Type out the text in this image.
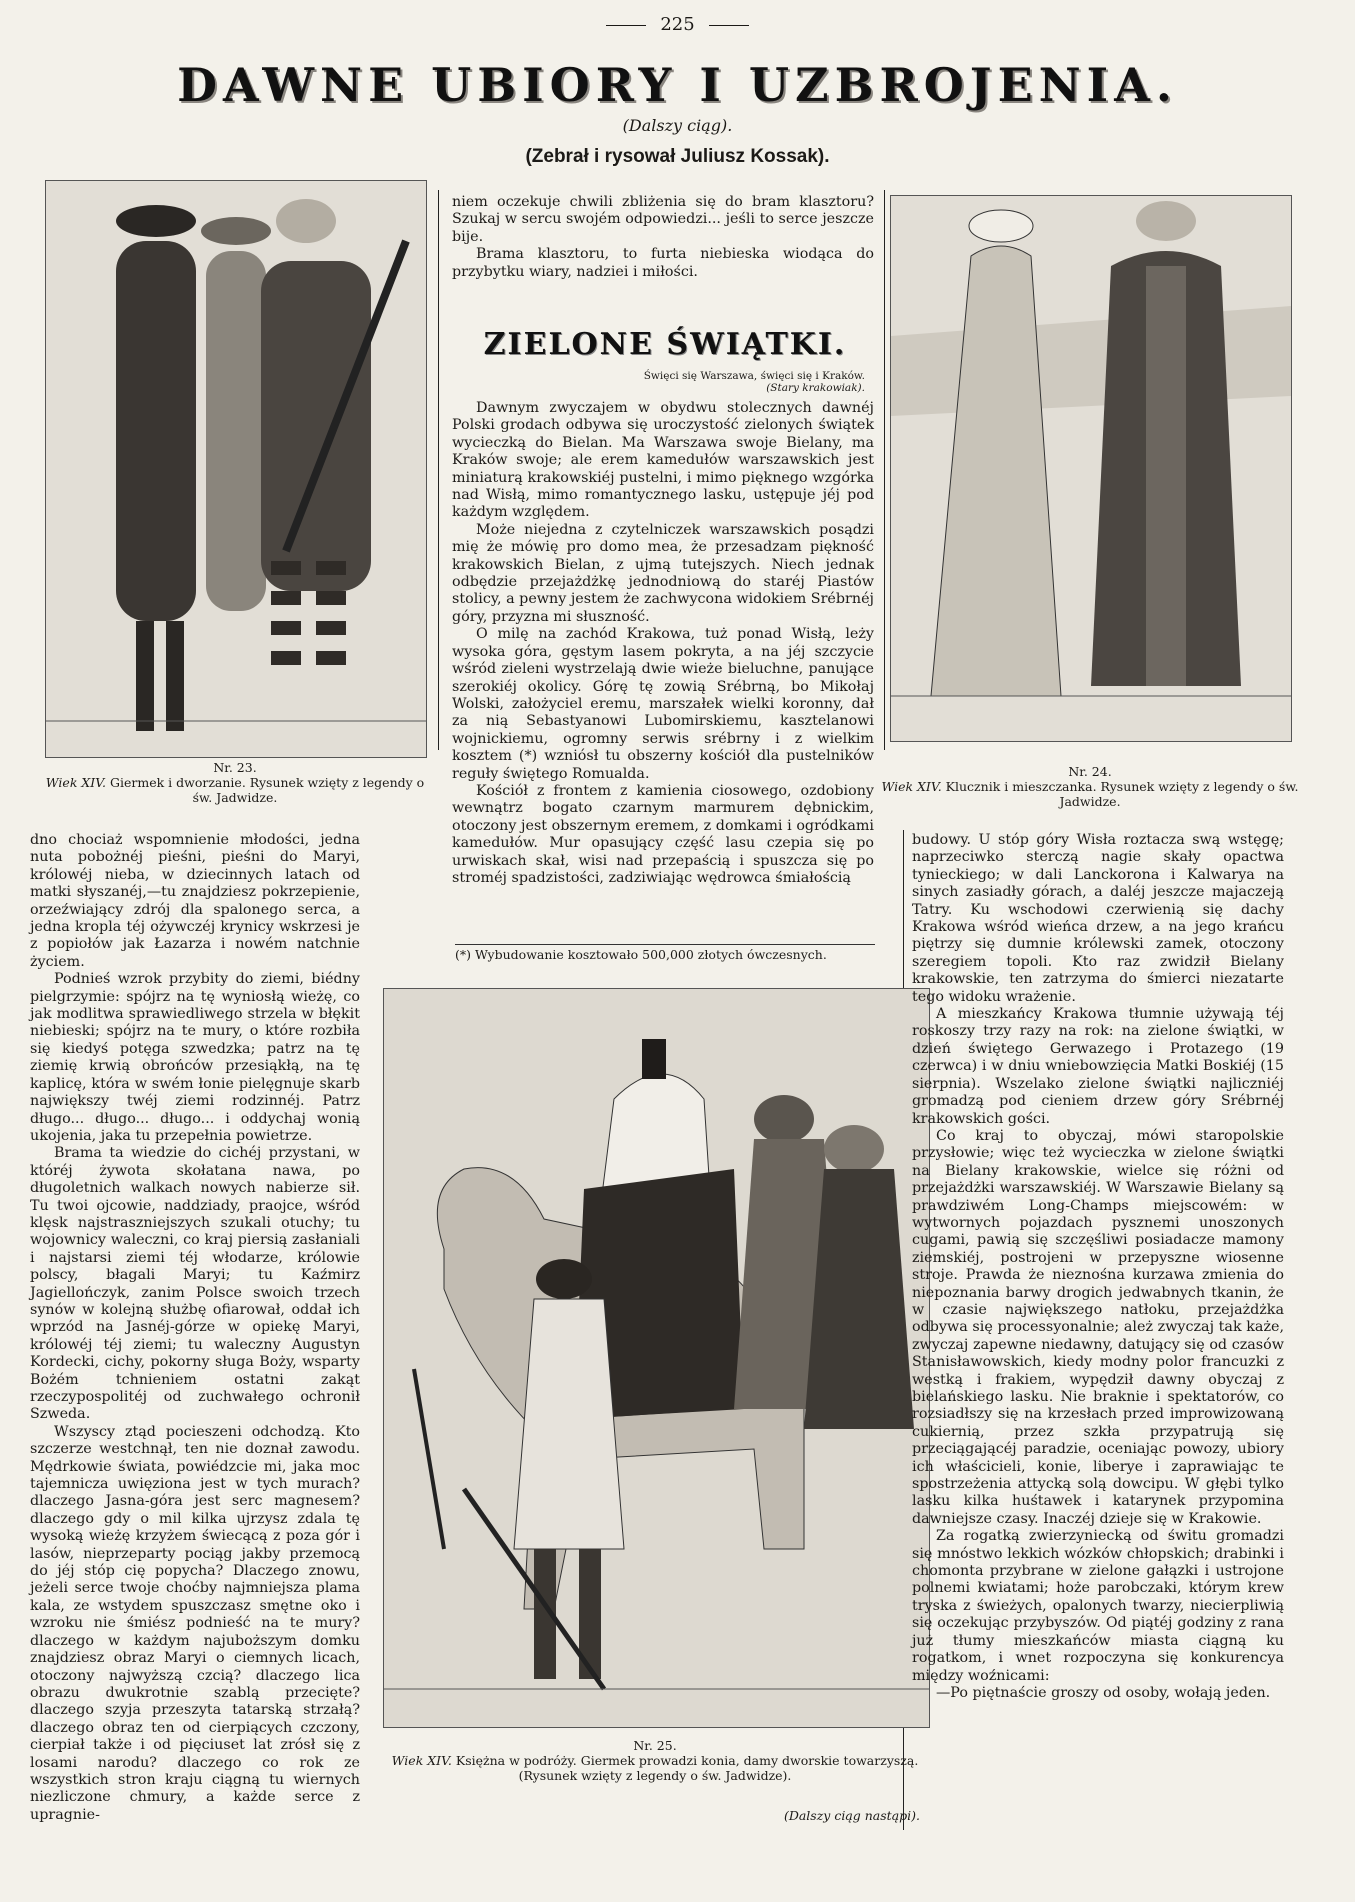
225
DAWNE UBIORY I UZBROJENIA.
(Dalszy ciąg).
(Zebrał i rysował Juliusz Kossak).
Nr. 23.
Wiek XIV. Giermek i dworzanie. Rysunek wzięty z legendy o św. Jadwidze.
Nr. 24.
Wiek XIV. Klucznik i mieszczanka. Rysunek wzięty z legendy o św. Jadwidze.

niem oczekuje chwili zbliżenia się do bram klasztoru? Szukaj w sercu swojém odpowiedzi... jeśli to serce jeszcze bije.

Brama klasztoru, to furta niebieska wiodąca do przybytku wiary, nadziei i miłości.

ZIELONE ŚWIĄTKI.
Święci się Warszawa, święci się i Kraków.
(Stary krakowiak).

Dawnym zwyczajem w obydwu stolecznych dawnéj Polski grodach odbywa się uroczystość zielonych świątek wycieczką do Bielan. Ma Warszawa swoje Bielany, ma Kraków swoje; ale erem kamedułów warszawskich jest miniaturą krakowskiéj pustelni, i mimo pięknego wzgórka nad Wisłą, mimo romantycznego lasku, ustępuje jéj pod każdym względem.

Może niejedna z czytelniczek warszawskich posądzi mię że mówię pro domo mea, że przesadzam piękność krakowskich Bielan, z ujmą tutejszych. Niech jednak odbędzie przejażdżkę jednodniową do staréj Piastów stolicy, a pewny jestem że zachwycona widokiem Srébrnéj góry, przyzna mi słuszność.

O milę na zachód Krakowa, tuż ponad Wisłą, leży wysoka góra, gęstym lasem pokryta, a na jéj szczycie wśród zieleni wystrzelają dwie wieże bieluchne, panujące szerokiéj okolicy. Górę tę zowią Srébrną, bo Mikołaj Wolski, założyciel eremu, marszałek wielki koronny, dał za nią Sebastyanowi Lubomirskiemu, kasztelanowi wojnickiemu, ogromny serwis srébrny i z wielkim kosztem (*) wzniósł tu obszerny kościół dla pustelników reguły świętego Romualda.

Kościół z frontem z kamienia ciosowego, ozdobiony wewnątrz bogato czarnym marmurem dębnickim, otoczony jest obszernym eremem, z domkami i ogródkami kamedułów. Mur opasujący część lasu czepia się po urwiskach skał, wisi nad przepaścią i spuszcza się po stroméj spadzistości, zadziwiając wędrowca śmiałością

(*) Wybudowanie kosztowało 500,000 złotych ówczesnych.

dno chociaż wspomnienie młodości, jedna nuta pobożnéj pieśni, pieśni do Maryi, królowéj nieba, w dziecinnych latach od matki słyszanéj,—tu znajdziesz pokrzepienie, orzeźwiający zdrój dla spalonego serca, a jedna kropla téj ożywczéj krynicy wskrzesi je z popiołów jak Łazarza i nowém natchnie życiem.

Podnieś wzrok przybity do ziemi, biédny pielgrzymie: spójrz na tę wyniosłą wieżę, co jak modlitwa sprawiedliwego strzela w błękit niebieski; spójrz na te mury, o które rozbiła się kiedyś potęga szwedzka; patrz na tę ziemię krwią obrońców przesiąkłą, na tę kaplicę, która w swém łonie pielęgnuje skarb największy twéj ziemi rodzinnéj. Patrz długo... długo... długo... i oddychaj wonią ukojenia, jaka tu przepełnia powietrze.

Brama ta wiedzie do cichéj przystani, w któréj żywota skołatana nawa, po długoletnich walkach nowych nabierze sił. Tu twoi ojcowie, naddziady, praojce, wśród klęsk najstraszniejszych szukali otuchy; tu wojownicy waleczni, co kraj piersią zasłaniali i najstarsi ziemi téj włodarze, królowie polscy, błagali Maryi; tu Kaźmirz Jagiellończyk, zanim Polsce swoich trzech synów w kolejną służbę ofiarował, oddał ich wprzód na Jasnéj-górze w opiekę Maryi, królowéj téj ziemi; tu waleczny Augustyn Kordecki, cichy, pokorny sługa Boży, wsparty Bożém tchnieniem ostatni zakąt rzeczypospolitéj od zuchwałego ochronił Szweda.

Wszyscy ztąd pocieszeni odchodzą. Kto szczerze westchnął, ten nie doznał zawodu. Mędrkowie świata, powiédzcie mi, jaka moc tajemnicza uwięziona jest w tych murach? dlaczego Jasna-góra jest serc magnesem? dlaczego gdy o mil kilka ujrzysz zdala tę wysoką wieżę krzyżem świecącą z poza gór i lasów, nieprzeparty pociąg jakby przemocą do jéj stóp cię popycha? Dlaczego znowu, jeżeli serce twoje choćby najmniejsza plama kala, ze wstydem spuszczasz smętne oko i wzroku nie śmiész podnieść na te mury? dlaczego w każdym najuboższym domku znajdziesz obraz Maryi o ciemnych licach, otoczony najwyższą czcią? dlaczego lica obrazu dwukrotnie szablą przecięte? dlaczego szyja przeszyta tatarską strzałą? dlaczego obraz ten od cierpiących czczony, cierpiał także i od pięciuset lat zrósł się z losami narodu? dlaczego co rok ze wszystkich stron kraju ciągną tu wiernych niezliczone chmury, a każde serce z upragnie-

Nr. 25.
Wiek XIV. Księżna w podróży. Giermek prowadzi konia, damy dworskie towarzyszą. (Rysunek wzięty z legendy o św. Jadwidze).

budowy. U stóp góry Wisła roztacza swą wstęgę; naprzeciwko sterczą nagie skały opactwa tynieckiego; w dali Lanckorona i Kalwarya na sinych zasiadły górach, a daléj jeszcze majaczeją Tatry. Ku wschodowi czerwienią się dachy Krakowa wśród wieńca drzew, a na jego krańcu piętrzy się dumnie królewski zamek, otoczony szeregiem topoli. Kto raz zwidził Bielany krakowskie, ten zatrzyma do śmierci niezatarte tego widoku wrażenie.

A mieszkańcy Krakowa tłumnie używają téj roskoszy trzy razy na rok: na zielone świątki, w dzień świętego Gerwazego i Protazego (19 czerwca) i w dniu wniebowzięcia Matki Boskiéj (15 sierpnia). Wszelako zielone świątki najliczniéj gromadzą pod cieniem drzew góry Srébrnéj krakowskich gości.

Co kraj to obyczaj, mówi staropolskie przysłowie; więc też wycieczka w zielone świątki na Bielany krakowskie, wielce się różni od przejażdżki warszawskiéj. W Warszawie Bielany są prawdziwém Long-Champs miejscowém: w wytwornych pojazdach pysznemi unoszonych cugami, pawią się szczęśliwi posiadacze mamony ziemskiéj, postrojeni w przepyszne wiosenne stroje. Prawda że nieznośna kurzawa zmienia do niepoznania barwy drogich jedwabnych tkanin, że w czasie największego natłoku, przejażdżka odbywa się processyonalnie; ależ zwyczaj tak każe, zwyczaj zapewne niedawny, datujący się od czasów Stanisławowskich, kiedy modny polor francuzki z westką i frakiem, wypędził dawny obyczaj z bielańskiego lasku. Nie braknie i spektatorów, co rozsiadłszy się na krzesłach przed improwizowaną cukiernią, przez szkła przypatrują się przeciągającéj paradzie, oceniając powozy, ubiory ich właścicieli, konie, liberye i zaprawiając te spostrzeżenia attycką solą dowcipu. W głębi tylko lasku kilka huśtawek i katarynek przypomina dawniejsze czasy. Inaczéj dzieje się w Krakowie.

Za rogatką zwierzyniecką od świtu gromadzi się mnóstwo lekkich wózków chłopskich; drabinki i chomonta przybrane w zielone gałązki i ustrojone polnemi kwiatami; hoże parobczaki, którym krew tryska z świeżych, opalonych twarzy, niecierpliwią się oczekując przybyszów. Od piątéj godziny z rana już tłumy mieszkańców miasta ciągną ku rogatkom, i wnet rozpoczyna się konkurencya między woźnicami:

—Po piętnaście groszy od osoby, wołają jeden.

(Dalszy ciąg nastąpi).
